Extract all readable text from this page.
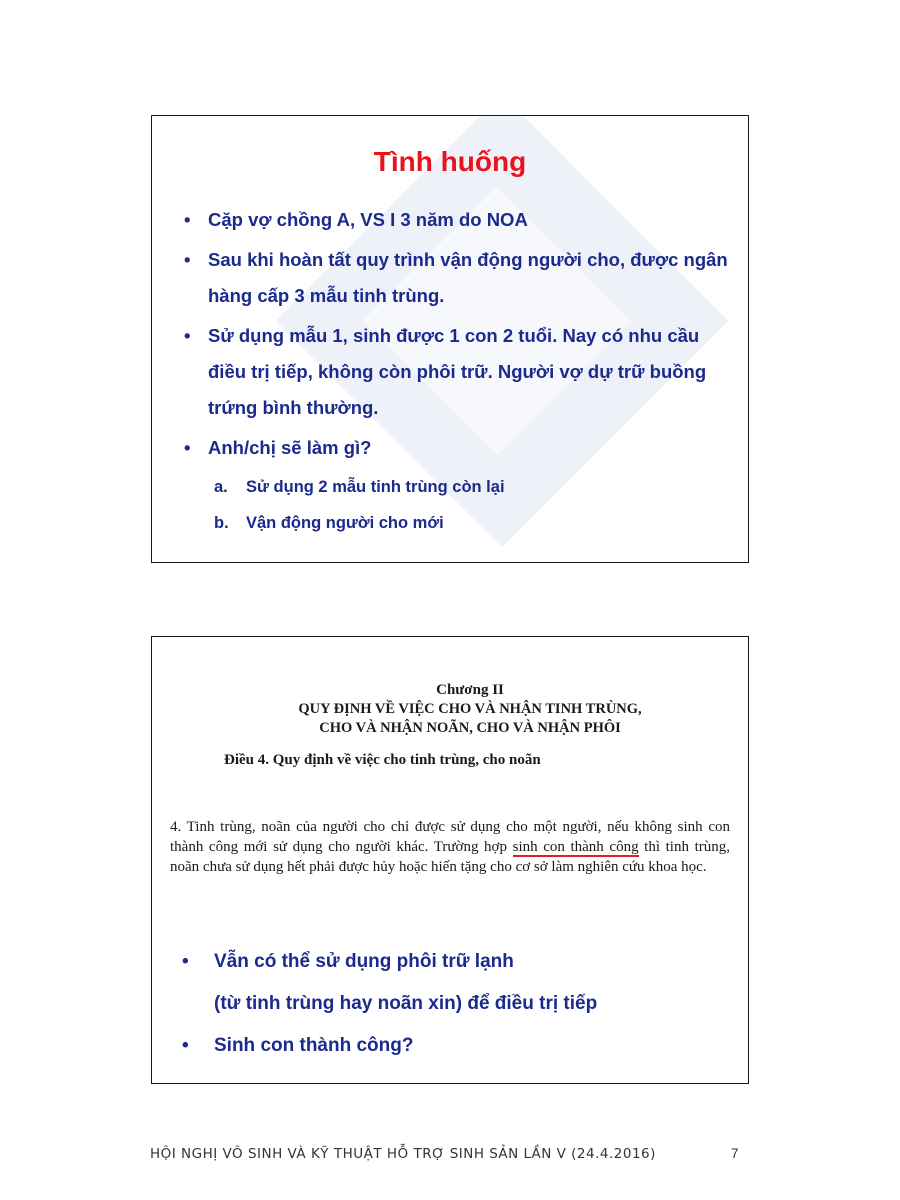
Tình huống
• Cặp vợ chồng A, VS I 3 năm do NOA
• Sau khi hoàn tất quy trình vận động người cho, được ngân hàng cấp 3 mẫu tinh trùng.
• Sử dụng mẫu 1, sinh được 1 con 2 tuổi. Nay có nhu cầu điều trị tiếp, không còn phôi trữ. Người vợ dự trữ buồng trứng bình thường.
• Anh/chị sẽ làm gì?
a. Sử dụng 2 mẫu tinh trùng còn lại
b. Vận động người cho mới
Chương II
QUY ĐỊNH VỀ VIỆC CHO VÀ NHẬN TINH TRÙNG,
CHO VÀ NHẬN NOÃN, CHO VÀ NHẬN PHÔI
Điều 4. Quy định về việc cho tinh trùng, cho noãn
4. Tinh trùng, noãn của người cho chỉ được sử dụng cho một người, nếu không sinh con thành công mới sử dụng cho người khác. Trường hợp sinh con thành công thì tinh trùng, noãn chưa sử dụng hết phải được hủy hoặc hiến tặng cho cơ sở làm nghiên cứu khoa học.
• Vẫn có thể sử dụng phôi trữ lạnh
(từ tinh trùng hay noãn xin) để điều trị tiếp
• Sinh con thành công?
HỘI NGHỊ VÔ SINH VÀ KỸ THUẬT HỖ TRỢ SINH SẢN LẦN V (24.4.2016)	7
